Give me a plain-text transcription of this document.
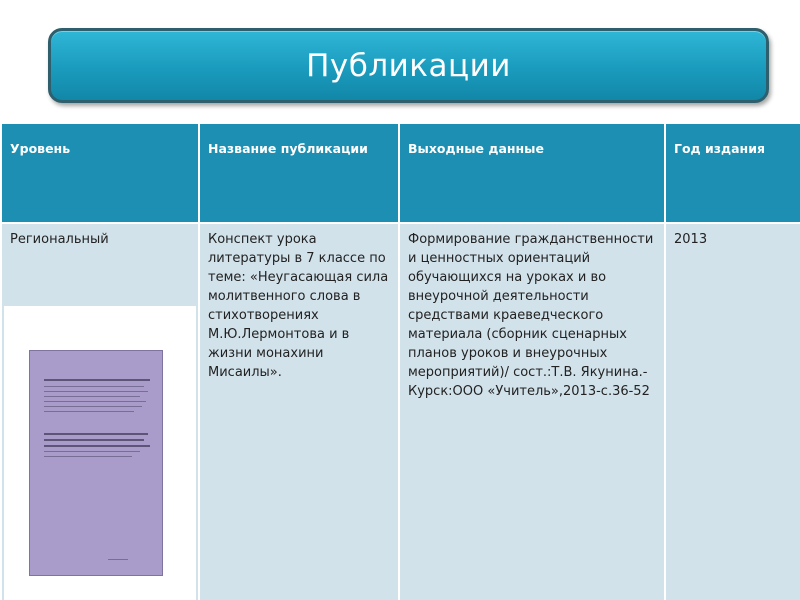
Публикации
Уровень	Название публикации	Выходные данные	Год издания

Региональный	Конспект урока литературы в 7 классе по теме: «Неугасающая сила молитвенного слова в стихотворениях М.Ю.Лермонтова и в жизни монахини Мисаилы».	Формирование гражданственности и ценностных ориентаций обучающихся на уроках и во внеурочной деятельности средствами краеведческого материала (сборник сценарных планов уроков и внеурочных мероприятий)/ сост.:Т.В. Якунина.-Курск:ООО «Учитель»,2013-с.36-52	2013
